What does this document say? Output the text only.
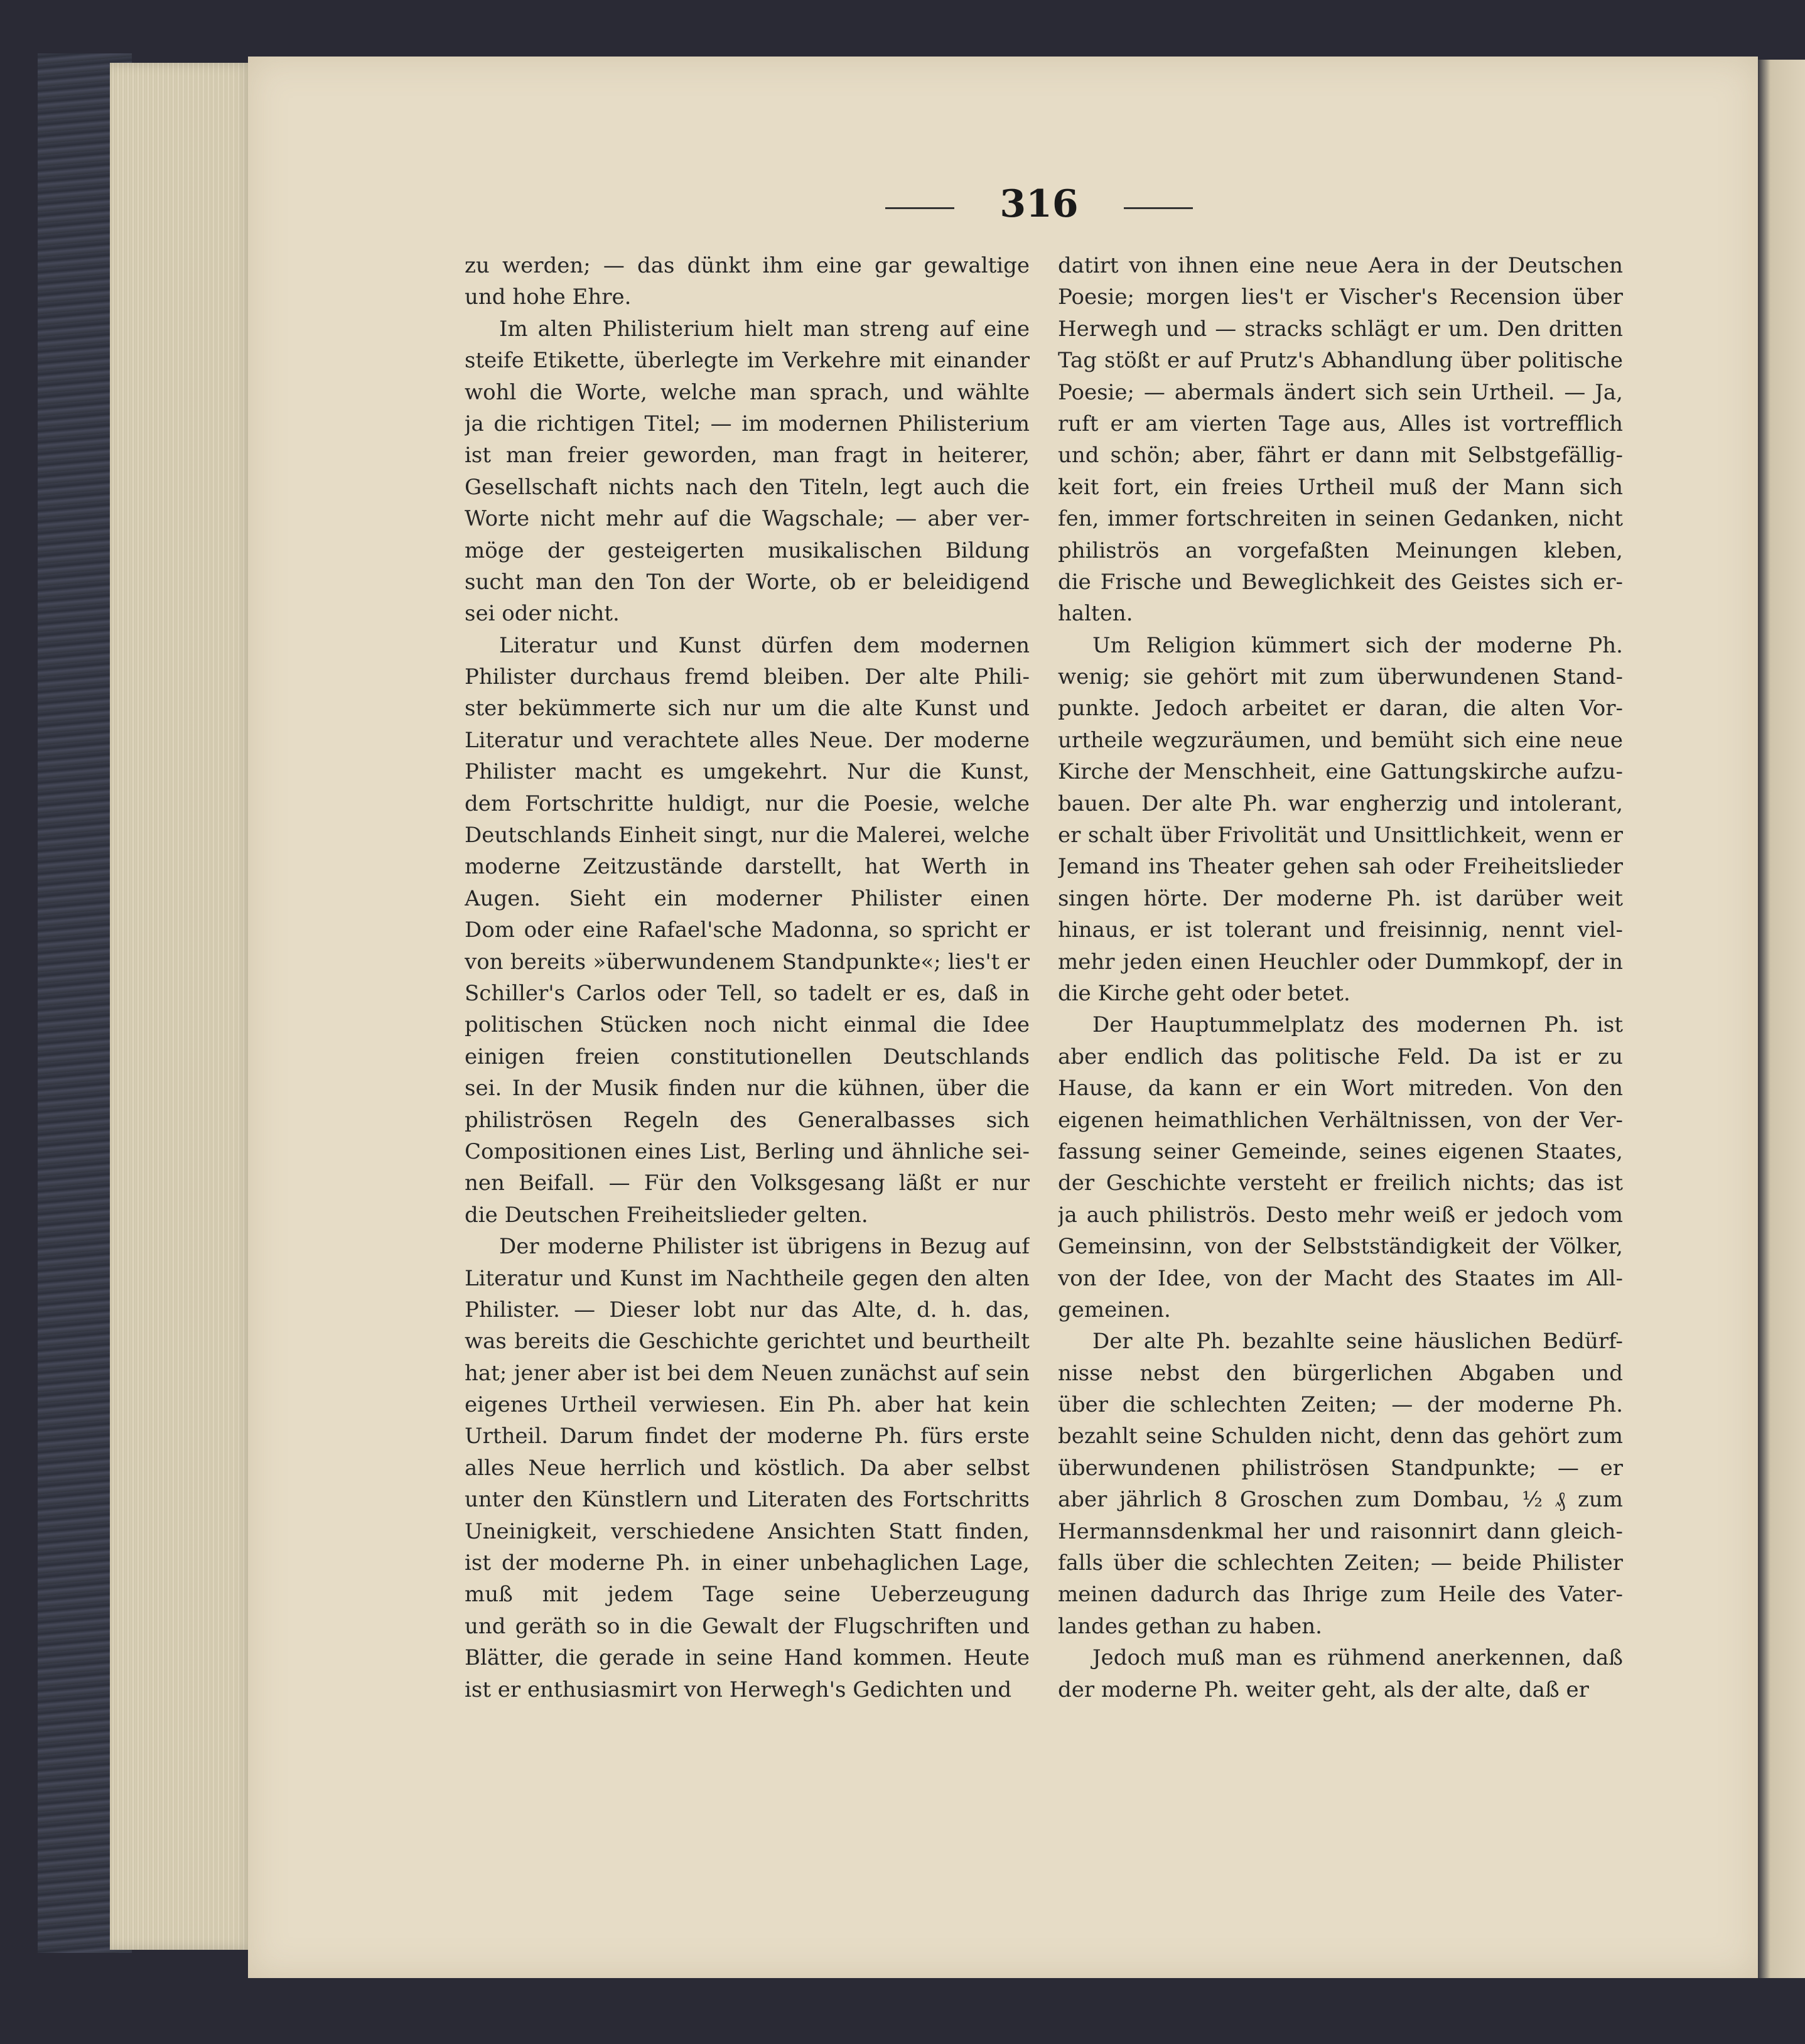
316
zu werden; — das dünkt ihm eine gar gewaltige
und hohe Ehre.
Im alten Philisterium hielt man streng auf eine
steife Etikette, überlegte im Verkehre mit einander
wohl die Worte, welche man sprach, und wählte
ja die richtigen Titel; — im modernen Philisterium
ist man freier geworden, man fragt in heiterer,
Gesellschaft nichts nach den Titeln, legt auch die
Worte nicht mehr auf die Wagschale; — aber ver-
möge der gesteigerten musikalischen Bildung
sucht man den Ton der Worte, ob er beleidigend
sei oder nicht.
Literatur und Kunst dürfen dem modernen
Philister durchaus fremd bleiben. Der alte Phili-
ster bekümmerte sich nur um die alte Kunst und
Literatur und verachtete alles Neue. Der moderne
Philister macht es umgekehrt. Nur die Kunst,
dem Fortschritte huldigt, nur die Poesie, welche
Deutschlands Einheit singt, nur die Malerei, welche
moderne Zeitzustände darstellt, hat Werth in
Augen. Sieht ein moderner Philister einen
Dom oder eine Rafael'sche Madonna, so spricht er
von bereits »überwundenem Standpunkte«; lies't er
Schiller's Carlos oder Tell, so tadelt er es, daß in
politischen Stücken noch nicht einmal die Idee
einigen freien constitutionellen Deutschlands
sei. In der Musik finden nur die kühnen, über die
philiströsen Regeln des Generalbasses sich
Compositionen eines List, Berling und ähnliche sei-
nen Beifall. — Für den Volksgesang läßt er nur
die Deutschen Freiheitslieder gelten.
Der moderne Philister ist übrigens in Bezug auf
Literatur und Kunst im Nachtheile gegen den alten
Philister. — Dieser lobt nur das Alte, d. h. das,
was bereits die Geschichte gerichtet und beurtheilt
hat; jener aber ist bei dem Neuen zunächst auf sein
eigenes Urtheil verwiesen. Ein Ph. aber hat kein
Urtheil. Darum findet der moderne Ph. fürs erste
alles Neue herrlich und köstlich. Da aber selbst
unter den Künstlern und Literaten des Fortschritts
Uneinigkeit, verschiedene Ansichten Statt finden,
ist der moderne Ph. in einer unbehaglichen Lage,
muß mit jedem Tage seine Ueberzeugung
und geräth so in die Gewalt der Flugschriften und
Blätter, die gerade in seine Hand kommen. Heute
ist er enthusiasmirt von Herwegh's Gedichten und
datirt von ihnen eine neue Aera in der Deutschen
Poesie; morgen lies't er Vischer's Recension über
Herwegh und — stracks schlägt er um. Den dritten
Tag stößt er auf Prutz's Abhandlung über politische
Poesie; — abermals ändert sich sein Urtheil. — Ja,
ruft er am vierten Tage aus, Alles ist vortrefflich
und schön; aber, fährt er dann mit Selbstgefällig-
keit fort, ein freies Urtheil muß der Mann sich
fen, immer fortschreiten in seinen Gedanken, nicht
philiströs an vorgefaßten Meinungen kleben,
die Frische und Beweglichkeit des Geistes sich er-
halten.
Um Religion kümmert sich der moderne Ph.
wenig; sie gehört mit zum überwundenen Stand-
punkte. Jedoch arbeitet er daran, die alten Vor-
urtheile wegzuräumen, und bemüht sich eine neue
Kirche der Menschheit, eine Gattungskirche aufzu-
bauen. Der alte Ph. war engherzig und intolerant,
er schalt über Frivolität und Unsittlichkeit, wenn er
Jemand ins Theater gehen sah oder Freiheitslieder
singen hörte. Der moderne Ph. ist darüber weit
hinaus, er ist tolerant und freisinnig, nennt viel-
mehr jeden einen Heuchler oder Dummkopf, der in
die Kirche geht oder betet.
Der Hauptummelplatz des modernen Ph. ist
aber endlich das politische Feld. Da ist er zu
Hause, da kann er ein Wort mitreden. Von den
eigenen heimathlichen Verhältnissen, von der Ver-
fassung seiner Gemeinde, seines eigenen Staates,
der Geschichte versteht er freilich nichts; das ist
ja auch philiströs. Desto mehr weiß er jedoch vom
Gemeinsinn, von der Selbstständigkeit der Völker,
von der Idee, von der Macht des Staates im All-
gemeinen.
Der alte Ph. bezahlte seine häuslichen Bedürf-
nisse nebst den bürgerlichen Abgaben und
über die schlechten Zeiten; — der moderne Ph.
bezahlt seine Schulden nicht, denn das gehört zum
überwundenen philiströsen Standpunkte; — er
aber jährlich 8 Groschen zum Dombau, ½ ₰ zum
Hermannsdenkmal her und raisonnirt dann gleich-
falls über die schlechten Zeiten; — beide Philister
meinen dadurch das Ihrige zum Heile des Vater-
landes gethan zu haben.
Jedoch muß man es rühmend anerkennen, daß
der moderne Ph. weiter geht, als der alte, daß er
